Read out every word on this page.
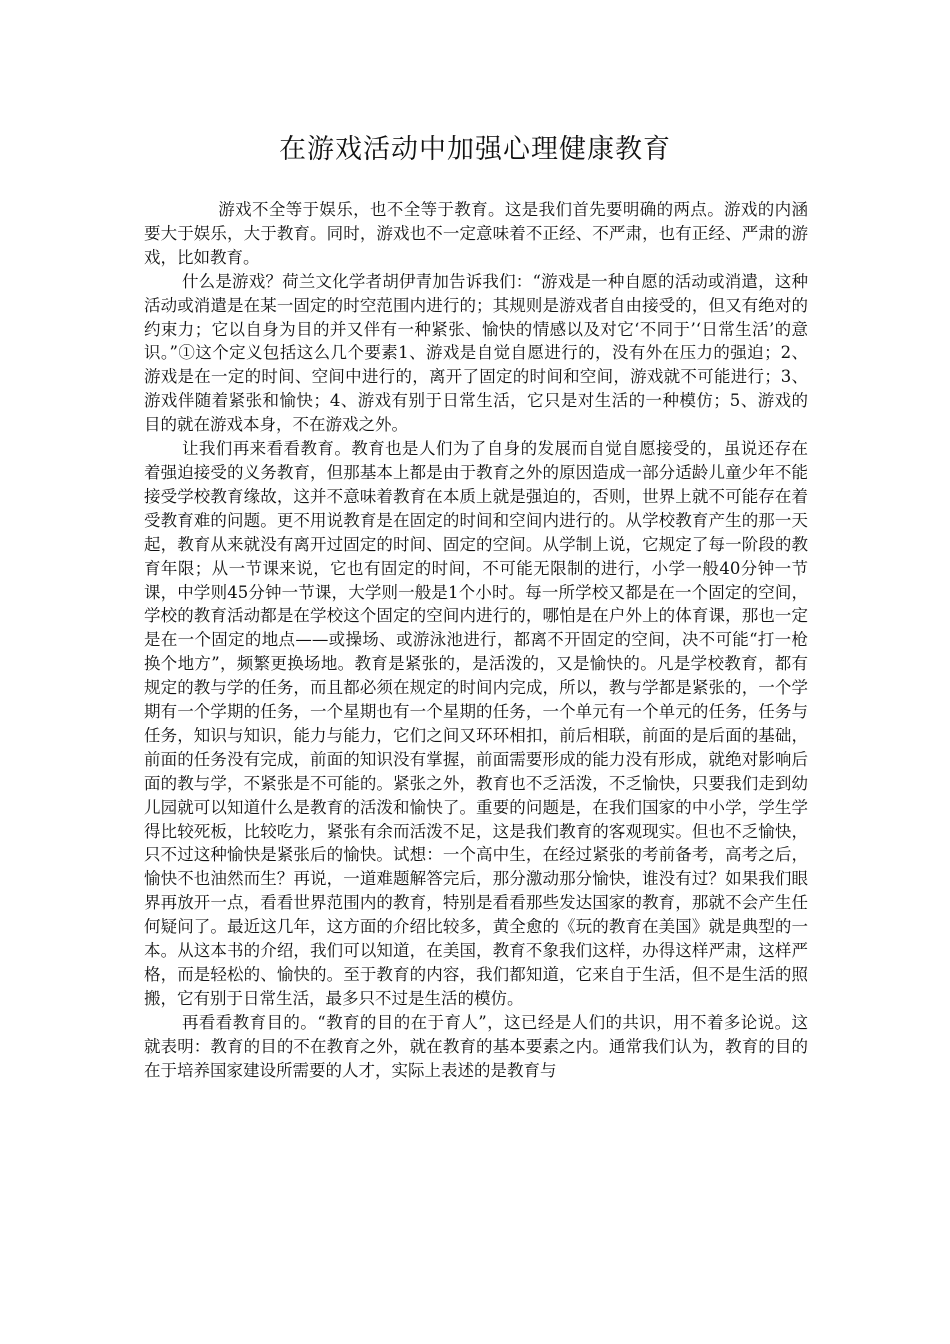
在游戏活动中加强心理健康教育

游戏不全等于娱乐，也不全等于教育。这是我们首先要明确的两点。游戏的内涵要大于娱乐，大于教育。同时，游戏也不一定意味着不正经、不严肃，也有正经、严肃的游戏，比如教育。

什么是游戏？荷兰文化学者胡伊青加告诉我们：“游戏是一种自愿的活动或消遣，这种活动或消遣是在某一固定的时空范围内进行的；其规则是游戏者自由接受的，但又有绝对的约束力；它以自身为目的并又伴有一种紧张、愉快的情感以及对它‘不同于’‘日常生活’的意识。”①这个定义包括这么几个要素1、游戏是自觉自愿进行的，没有外在压力的强迫；2、游戏是在一定的时间、空间中进行的，离开了固定的时间和空间，游戏就不可能进行；3、游戏伴随着紧张和愉快；4、游戏有别于日常生活，它只是对生活的一种模仿；5、游戏的目的就在游戏本身，不在游戏之外。

让我们再来看看教育。教育也是人们为了自身的发展而自觉自愿接受的，虽说还存在着强迫接受的义务教育，但那基本上都是由于教育之外的原因造成一部分适龄儿童少年不能接受学校教育缘故，这并不意味着教育在本质上就是强迫的，否则，世界上就不可能存在着受教育难的问题。更不用说教育是在固定的时间和空间内进行的。从学校教育产生的那一天起，教育从来就没有离开过固定的时间、固定的空间。从学制上说，它规定了每一阶段的教育年限；从一节课来说，它也有固定的时间，不可能无限制的进行，小学一般40分钟一节课，中学则45分钟一节课，大学则一般是1个小时。每一所学校又都是在一个固定的空间，学校的教育活动都是在学校这个固定的空间内进行的，哪怕是在户外上的体育课，那也一定是在一个固定的地点——或操场、或游泳池进行，都离不开固定的空间，决不可能“打一枪换个地方”，频繁更换场地。教育是紧张的，是活泼的，又是愉快的。凡是学校教育，都有规定的教与学的任务，而且都必须在规定的时间内完成，所以，教与学都是紧张的，一个学期有一个学期的任务，一个星期也有一个星期的任务，一个单元有一个单元的任务，任务与任务，知识与知识，能力与能力，它们之间又环环相扣，前后相联，前面的是后面的基础，前面的任务没有完成，前面的知识没有掌握，前面需要形成的能力没有形成，就绝对影响后面的教与学，不紧张是不可能的。紧张之外，教育也不乏活泼，不乏愉快，只要我们走到幼儿园就可以知道什么是教育的活泼和愉快了。重要的问题是，在我们国家的中小学，学生学得比较死板，比较吃力，紧张有余而活泼不足，这是我们教育的客观现实。但也不乏愉快，只不过这种愉快是紧张后的愉快。试想：一个高中生，在经过紧张的考前备考，高考之后，愉快不也油然而生？再说，一道难题解答完后，那分激动那分愉快，谁没有过？如果我们眼界再放开一点，看看世界范围内的教育，特别是看看那些发达国家的教育，那就不会产生任何疑问了。最近这几年，这方面的介绍比较多，黄全愈的《玩的教育在美国》就是典型的一本。从这本书的介绍，我们可以知道，在美国，教育不象我们这样，办得这样严肃，这样严格，而是轻松的、愉快的。至于教育的内容，我们都知道，它来自于生活，但不是生活的照搬，它有别于日常生活，最多只不过是生活的模仿。

再看看教育目的。“教育的目的在于育人”，这已经是人们的共识，用不着多论说。这就表明：教育的目的不在教育之外，就在教育的基本要素之内。通常我们认为，教育的目的在于培养国家建设所需要的人才，实际上表述的是教育与
